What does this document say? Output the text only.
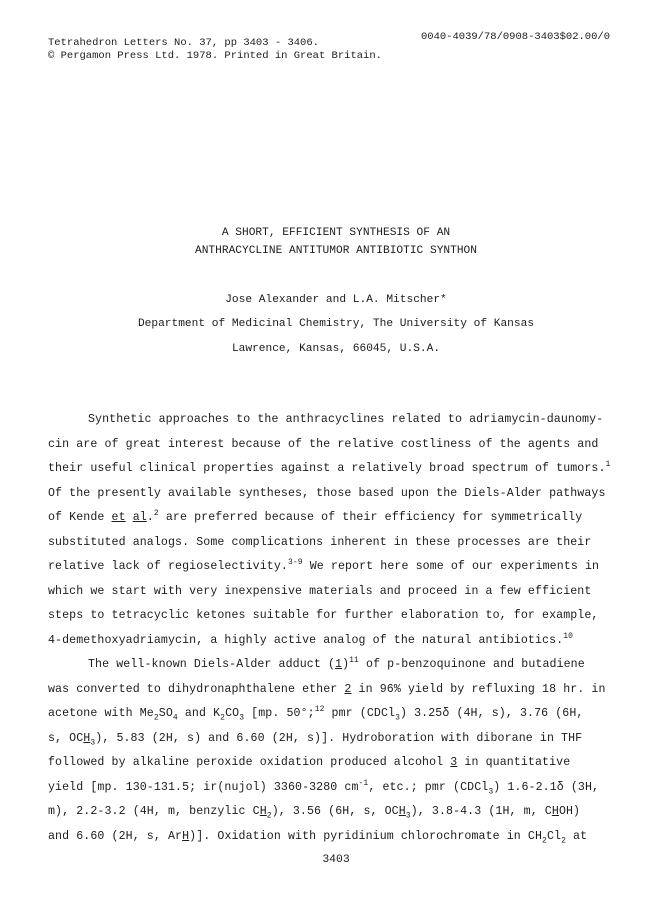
Tetrahedron Letters No. 37, pp 3403 - 3406.
© Pergamon Press Ltd. 1978. Printed in Great Britain.
0040-4039/78/0908-3403$02.00/0
A SHORT, EFFICIENT SYNTHESIS OF AN
ANTHRACYCLINE ANTITUMOR ANTIBIOTIC SYNTHON
Jose Alexander and L.A. Mitscher*
Department of Medicinal Chemistry, The University of Kansas
Lawrence, Kansas, 66045, U.S.A.
Synthetic approaches to the anthracyclines related to adriamycin-daunomy-
cin are of great interest because of the relative costliness of the agents and
their useful clinical properties against a relatively broad spectrum of tumors.$^1$
Of the presently available syntheses, those based upon the Diels-Alder pathways
of Kende et al.$^2$ are preferred because of their efficiency for symmetrically
substituted analogs. Some complications inherent in these processes are their
relative lack of regioselectivity.$^{3-9}$ We report here some of our experiments in
which we start with very inexpensive materials and proceed in a few efficient
steps to tetracyclic ketones suitable for further elaboration to, for example,
4-demethoxyadriamycin, a highly active analog of the natural antibiotics.$^{10}$
The well-known Diels-Alder adduct $(1)^{11}$ of p-benzoquinone and butadiene
was converted to dihydronaphthalene ether 2 in 96% yield by refluxing 18 hr. in
acetone with $Me_2SO_4$ and $K_2CO_3$ [mp. 50°;$^{12}$ pmr (CDCl$_3$) 3.25δ (4H, s), 3.76 (6H,
s, $OCH_3$), 5.83 (2H, s) and 6.60 (2H, s)]. Hydroboration with diborane in THF
followed by alkaline peroxide oxidation produced alcohol 3 in quantitative
yield [mp. 130-131.5; ir(nujol) 3360-3280 $cm^{-1}$, etc.; pmr (CDCl$_3$) 1.6-2.1δ (3H,
m), 2.2-3.2 (4H, m, benzylic $CH_2$), 3.56 (6H, s, $OCH_3$), 3.8-4.3 (1H, m, CHOH)
and 6.60 (2H, s, ArH)]. Oxidation with pyridinium chlorochromate in $CH_2Cl_2$ at
3403
